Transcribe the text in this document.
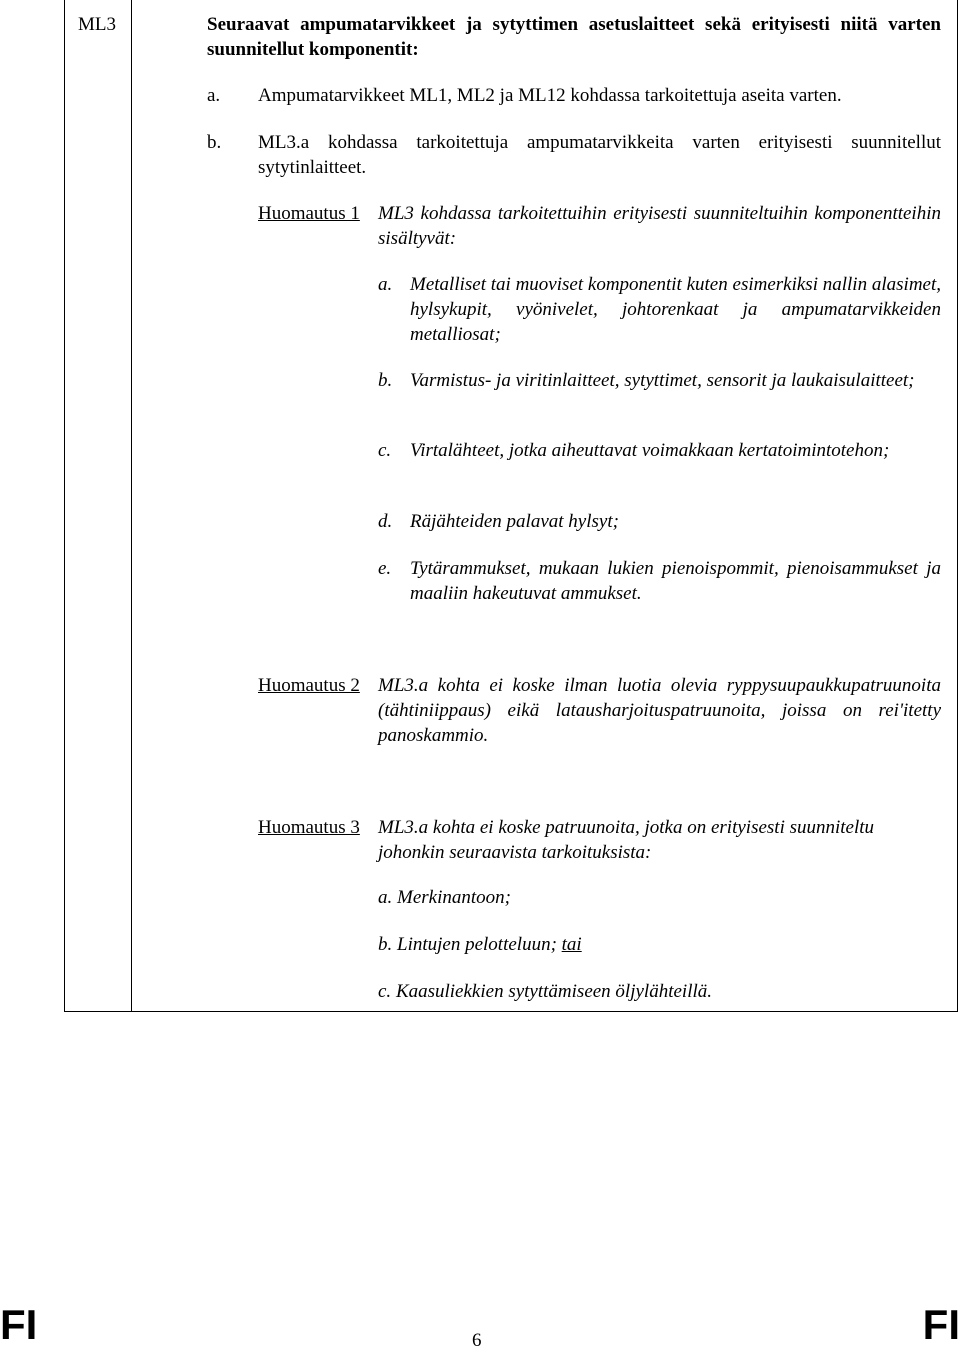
ML3	Seuraavat ampumatarvikkeet ja sytyttimen asetuslaitteet sekä erityisesti niitä varten suunnitellut komponentit:
a. Ampumatarvikkeet ML1, ML2 ja ML12 kohdassa tarkoitettuja aseita varten.
b. ML3.a kohdassa tarkoitettuja ampumatarvikkeita varten erityisesti suunnitellut sytytinlaitteet.
Huomautus 1 ML3 kohdassa tarkoitettuihin erityisesti suunniteltuihin komponentteihin sisältyvät:
a. Metalliset tai muoviset komponentit kuten esimerkiksi nallin alasimet, hylsykupit, vyönivelet, johtorenkaat ja ampumatarvikkeiden metalliosat;
b. Varmistus- ja viritinlaitteet, sytyttimet, sensorit ja laukaisulaitteet;
c. Virtalähteet, jotka aiheuttavat voimakkaan kertatoimintotehon;
d. Räjähteiden palavat hylsyt;
e. Tytärammukset, mukaan lukien pienoispommit, pienoisammukset ja maaliin hakeutuvat ammukset.
Huomautus 2 ML3.a kohta ei koske ilman luotia olevia ryppysuupaukkupatruunoita (tähtiniippaus) eikä latausharjoituspatruunoita, joissa on rei'itetty panoskammio.
Huomautus 3 ML3.a kohta ei koske patruunoita, jotka on erityisesti suunniteltu johonkin seuraavista tarkoituksista:
a. Merkinantoon;
b. Lintujen pelotteluun; tai
c. Kaasuliekkien sytyttämiseen öljylähteillä.
FI	6	FI
